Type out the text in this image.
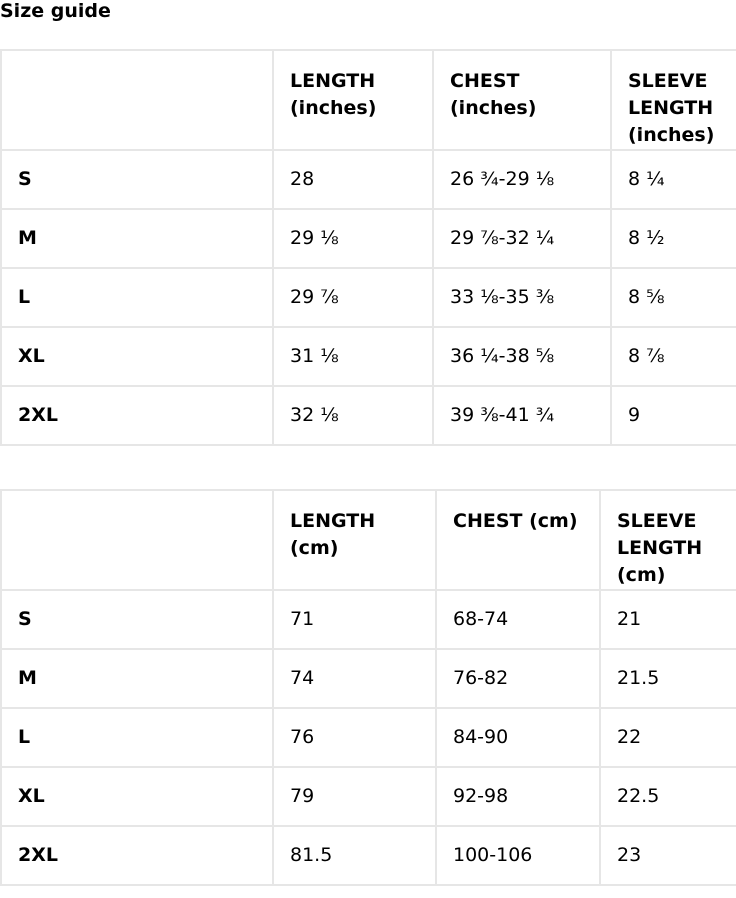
Size guide
	LENGTH (inches)	CHEST (inches)	SLEEVE LENGTH (inches)
S	28	26 ¾-29 ⅛	8 ¼
M	29 ⅛	29 ⅞-32 ¼	8 ½
L	29 ⅞	33 ⅛-35 ⅜	8 ⅝
XL	31 ⅛	36 ¼-38 ⅝	8 ⅞
2XL	32 ⅛	39 ⅜-41 ¾	9
	LENGTH (cm)	CHEST (cm)	SLEEVE LENGTH (cm)
S	71	68-74	21
M	74	76-82	21.5
L	76	84-90	22
XL	79	92-98	22.5
2XL	81.5	100-106	23
